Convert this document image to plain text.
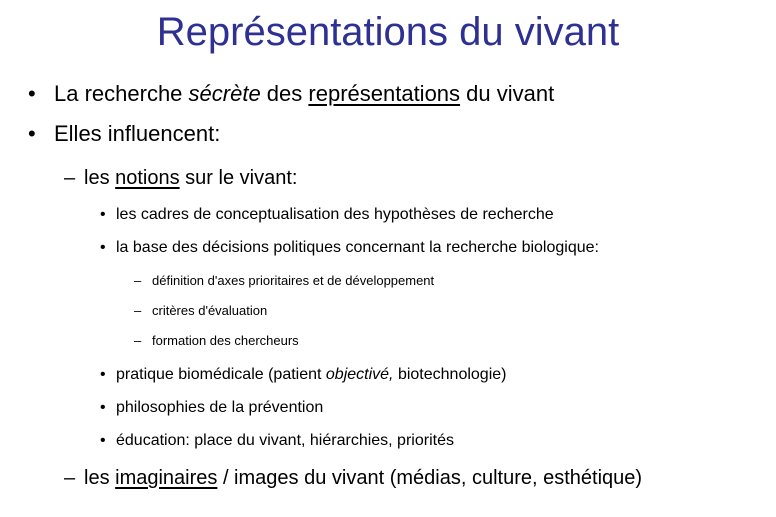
Représentations du vivant
• La recherche sécrète des représentations du vivant
• Elles influencent:
– les notions sur le vivant:
• les cadres de conceptualisation des hypothèses de recherche
• la base des décisions politiques concernant la recherche biologique:
– définition d'axes prioritaires et de développement
– critères d'évaluation
– formation des chercheurs
• pratique biomédicale (patient objectivé, biotechnologie)
• philosophies de la prévention
• éducation: place du vivant, hiérarchies, priorités
– les imaginaires / images du vivant (médias, culture, esthétique)
